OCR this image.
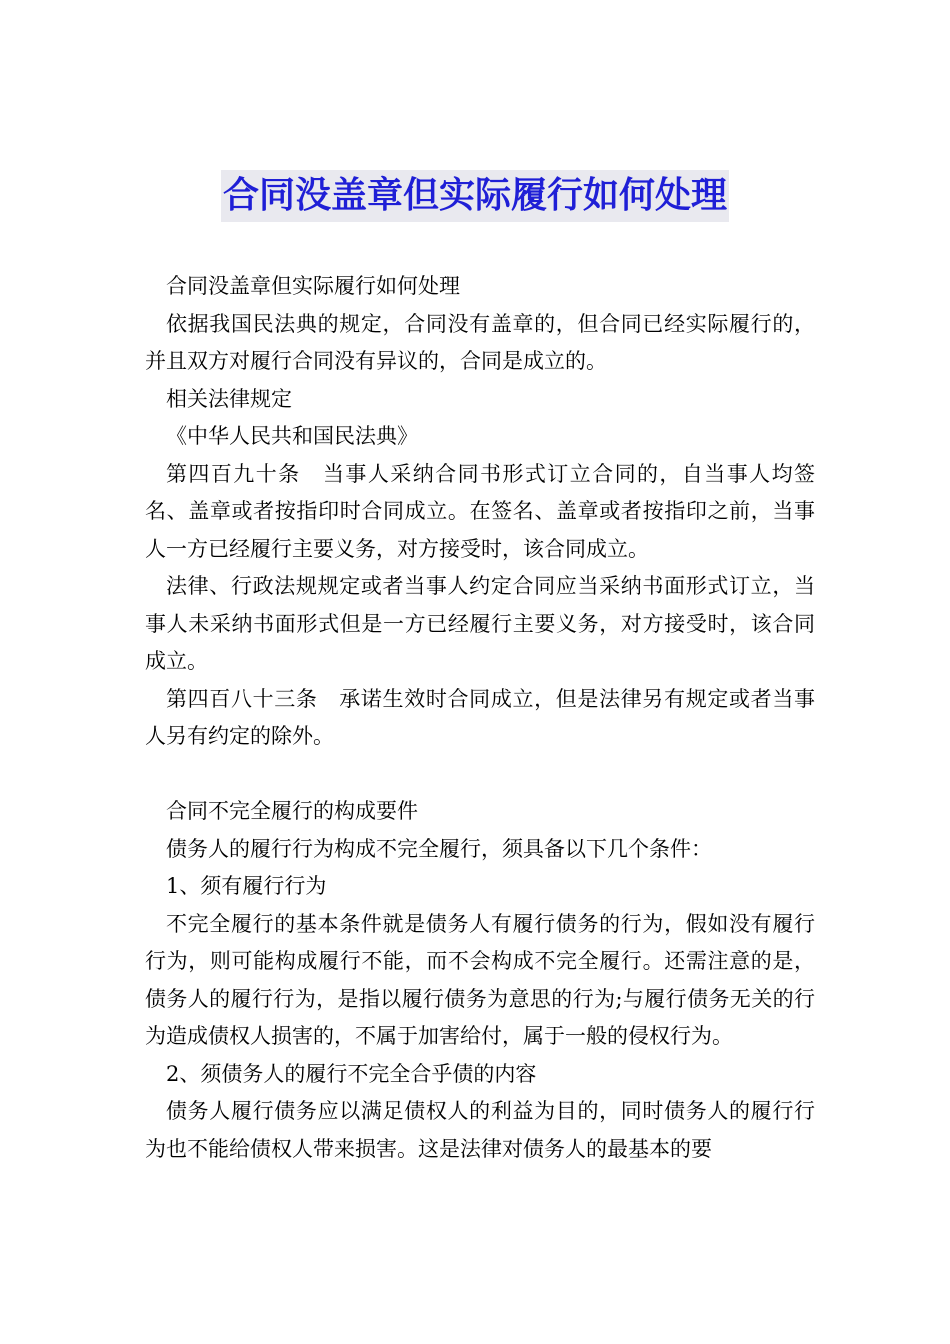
合同没盖章但实际履行如何处理

合同没盖章但实际履行如何处理

依据我国民法典的规定，合同没有盖章的，但合同已经实际履行的，并且双方对履行合同没有异议的，合同是成立的。

相关法律规定

《中华人民共和国民法典》

第四百九十条　当事人采纳合同书形式订立合同的，自当事人均签名、盖章或者按指印时合同成立。在签名、盖章或者按指印之前，当事人一方已经履行主要义务，对方接受时，该合同成立。

法律、行政法规规定或者当事人约定合同应当采纳书面形式订立，当事人未采纳书面形式但是一方已经履行主要义务，对方接受时，该合同成立。

第四百八十三条　承诺生效时合同成立，但是法律另有规定或者当事人另有约定的除外。

合同不完全履行的构成要件

债务人的履行行为构成不完全履行，须具备以下几个条件：

1、须有履行行为

不完全履行的基本条件就是债务人有履行债务的行为，假如没有履行行为，则可能构成履行不能，而不会构成不完全履行。还需注意的是，债务人的履行行为，是指以履行债务为意思的行为;与履行债务无关的行为造成债权人损害的，不属于加害给付，属于一般的侵权行为。

2、须债务人的履行不完全合乎债的内容

债务人履行债务应以满足债权人的利益为目的，同时债务人的履行行为也不能给债权人带来损害。这是法律对债务人的最基本的要
